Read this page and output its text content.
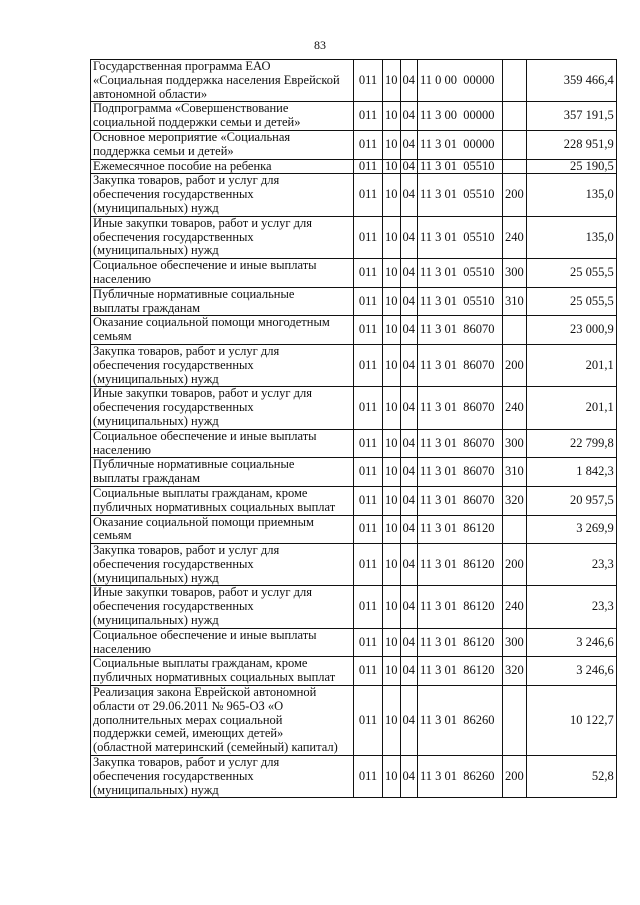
83
Государственная программа ЕАО
«Социальная поддержка населения Еврейской
автономной области»	011	10	04	11 0 00  00000		359 466,4
Подпрограмма «Совершенствование
социальной поддержки семьи и детей»	011	10	04	11 3 00  00000		357 191,5
Основное мероприятие «Социальная
поддержка семьи и детей»	011	10	04	11 3 01  00000		228 951,9
Ежемесячное пособие на ребенка	011	10	04	11 3 01  05510		25 190,5
Закупка товаров, работ и услуг для
обеспечения государственных
(муниципальных) нужд	011	10	04	11 3 01  05510	200	135,0
Иные закупки товаров, работ и услуг для
обеспечения государственных
(муниципальных) нужд	011	10	04	11 3 01  05510	240	135,0
Социальное обеспечение и иные выплаты
населению	011	10	04	11 3 01  05510	300	25 055,5
Публичные нормативные социальные
выплаты гражданам	011	10	04	11 3 01  05510	310	25 055,5
Оказание социальной помощи многодетным
семьям	011	10	04	11 3 01  86070		23 000,9
Закупка товаров, работ и услуг для
обеспечения государственных
(муниципальных) нужд	011	10	04	11 3 01  86070	200	201,1
Иные закупки товаров, работ и услуг для
обеспечения государственных
(муниципальных) нужд	011	10	04	11 3 01  86070	240	201,1
Социальное обеспечение и иные выплаты
населению	011	10	04	11 3 01  86070	300	22 799,8
Публичные нормативные социальные
выплаты гражданам	011	10	04	11 3 01  86070	310	1 842,3
Социальные выплаты гражданам, кроме
публичных нормативных социальных выплат	011	10	04	11 3 01  86070	320	20 957,5
Оказание социальной помощи приемным
семьям	011	10	04	11 3 01  86120		3 269,9
Закупка товаров, работ и услуг для
обеспечения государственных
(муниципальных) нужд	011	10	04	11 3 01  86120	200	23,3
Иные закупки товаров, работ и услуг для
обеспечения государственных
(муниципальных) нужд	011	10	04	11 3 01  86120	240	23,3
Социальное обеспечение и иные выплаты
населению	011	10	04	11 3 01  86120	300	3 246,6
Социальные выплаты гражданам, кроме
публичных нормативных социальных выплат	011	10	04	11 3 01  86120	320	3 246,6
Реализация закона Еврейской автономной
области от 29.06.2011 № 965-ОЗ «О
дополнительных мерах социальной
поддержки семей, имеющих детей»
(областной материнский (семейный) капитал)	011	10	04	11 3 01  86260		10 122,7
Закупка товаров, работ и услуг для
обеспечения государственных
(муниципальных) нужд	011	10	04	11 3 01  86260	200	52,8
